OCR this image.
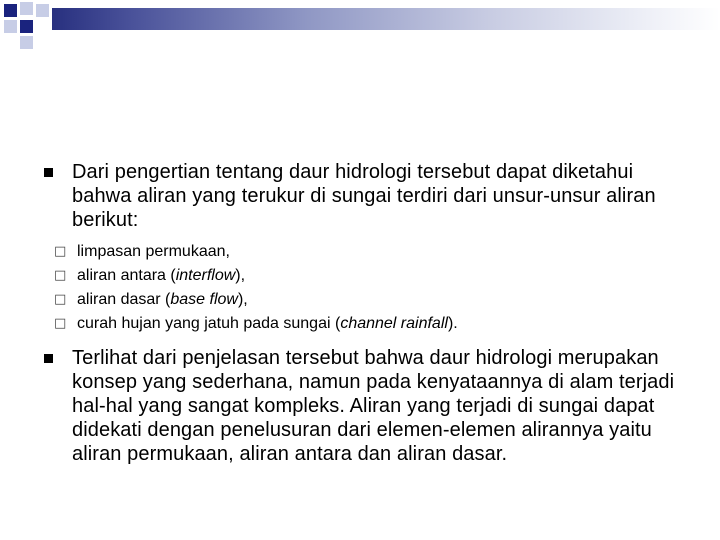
Dari pengertian tentang daur hidrologi tersebut dapat diketahui bahwa aliran yang terukur di sungai terdiri dari unsur-unsur aliran berikut:
□ limpasan permukaan,
□ aliran antara (interflow),
□ aliran dasar (base flow),
□ curah hujan yang jatuh pada sungai (channel rainfall).
Terlihat dari penjelasan tersebut bahwa daur hidrologi merupakan konsep yang sederhana, namun pada kenyataannya di alam terjadi hal-hal yang sangat kompleks. Aliran yang terjadi di sungai dapat didekati dengan penelusuran dari elemen-elemen alirannya yaitu aliran permukaan, aliran antara dan aliran dasar.
